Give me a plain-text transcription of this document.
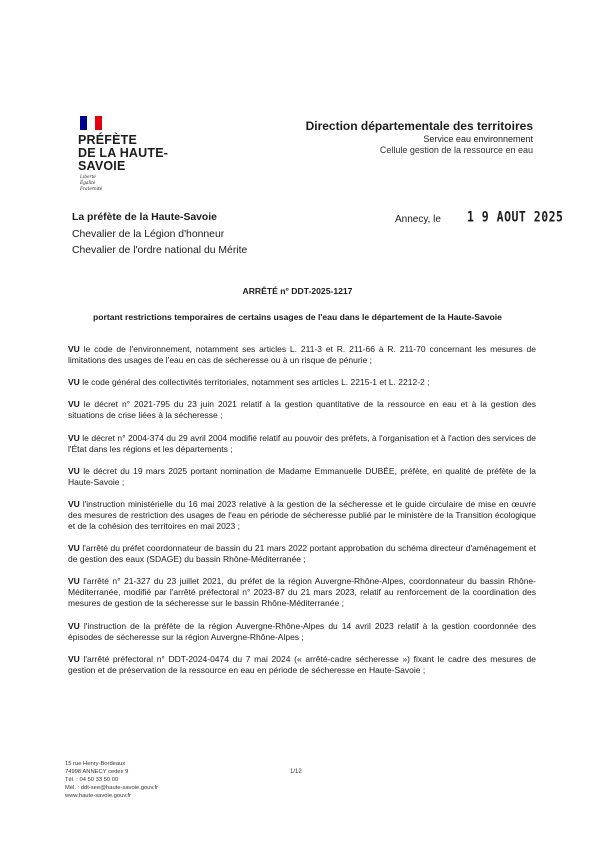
PRÉFÈTE
DE LA HAUTE-SAVOIE
Liberté
Égalité
Fraternité
Direction départementale des territoires
Service eau environnement
Cellule gestion de la ressource en eau
La préfète de la Haute-Savoie
Chevalier de la Légion d'honneur
Chevalier de l'ordre national du Mérite
Annecy, le 1 9 AOUT 2025
ARRÊTÉ n° DDT-2025-1217
portant restrictions temporaires de certains usages de l'eau dans le département de la Haute-Savoie
VU le code de l'environnement, notamment ses articles L. 211-3 et R. 211-66 à R. 211-70 concernant les mesures de limitations des usages de l'eau en cas de sécheresse ou à un risque de pénurie ;
VU le code général des collectivités territoriales, notamment ses articles L. 2215-1 et L. 2212-2 ;
VU le décret n° 2021-795 du 23 juin 2021 relatif à la gestion quantitative de la ressource en eau et à la gestion des situations de crise liées à la sécheresse ;
VU le décret n° 2004-374 du 29 avril 2004 modifié relatif au pouvoir des préfets, à l'organisation et à l'action des services de l'État dans les régions et les départements ;
VU le décret du 19 mars 2025 portant nomination de Madame Emmanuelle DUBÉE, préfète, en qualité de préfète de la Haute-Savoie ;
VU l'instruction ministérielle du 16 mai 2023 relative à la gestion de la sécheresse et le guide circulaire de mise en œuvre des mesures de restriction des usages de l'eau en période de sécheresse publié par le ministère de la Transition écologique et de la cohésion des territoires en mai 2023 ;
VU l'arrêté du préfet coordonnateur de bassin du 21 mars 2022 portant approbation du schéma directeur d'aménagement et de gestion des eaux (SDAGE) du bassin Rhône-Méditerranée ;
VU l'arrêté n° 21-327 du 23 juillet 2021, du préfet de la région Auvergne-Rhône-Alpes, coordonnateur du bassin Rhône-Méditerranée, modifié par l'arrêté préfectoral n° 2023-87 du 21 mars 2023, relatif au renforcement de la coordination des mesures de gestion de la sécheresse sur le bassin Rhône-Méditerranée ;
VU l'instruction de la préfète de la région Auvergne-Rhône-Alpes du 14 avril 2023 relatif à la gestion coordonnée des épisodes de sécheresse sur la région Auvergne-Rhône-Alpes ;
VU l'arrêté préfectoral n° DDT-2024-0474 du 7 mai 2024 (« arrêté-cadre sécheresse ») fixant le cadre des mesures de gestion et de préservation de la ressource en eau en période de sécheresse en Haute-Savoie ;
15 rue Henry-Bordeaux
74998 ANNECY cedex 9
Tél. : 04 50 33 50 00
Mél. : ddt-see@haute-savoie.gouv.fr
www.haute-savoie.gouv.fr
1/12
